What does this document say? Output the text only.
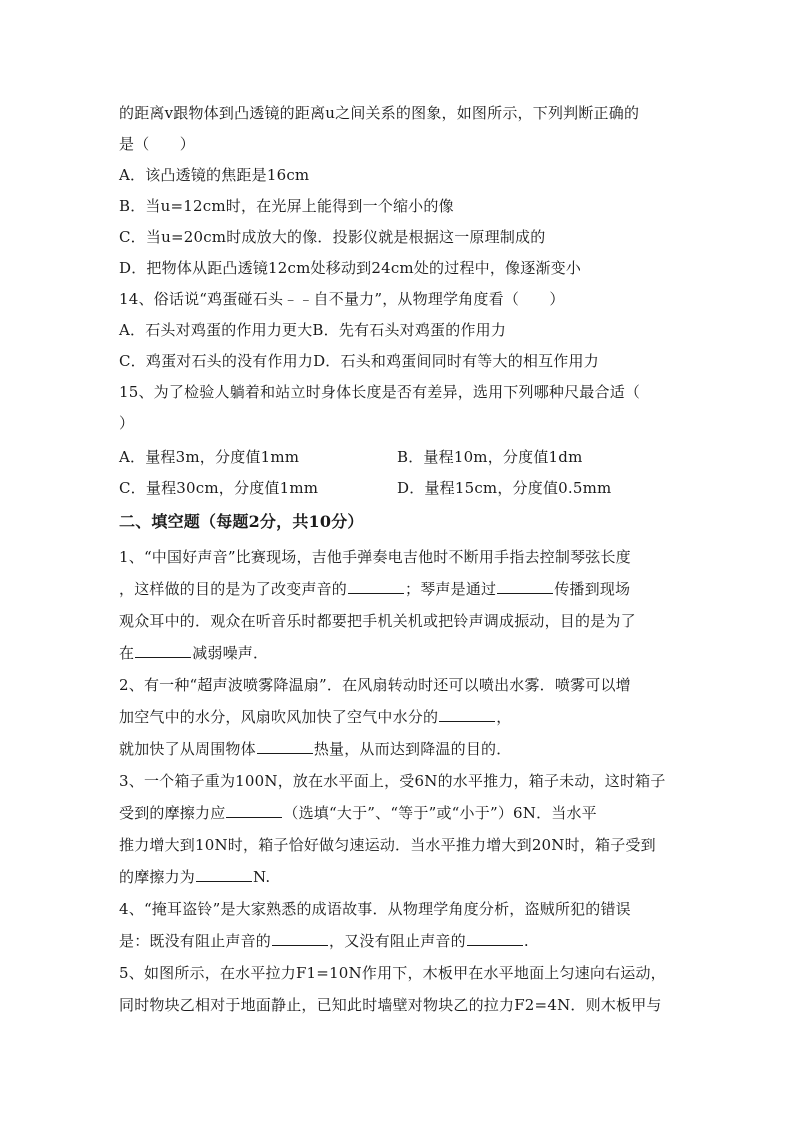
的距离v跟物体到凸透镜的距离u之间关系的图象，如图所示，下列判断正确的
是（　　）
A．该凸透镜的焦距是16cm
B．当u=12cm时，在光屏上能得到一个缩小的像
C．当u=20cm时成放大的像．投影仪就是根据这一原理制成的
D．把物体从距凸透镜12cm处移动到24cm处的过程中，像逐渐变小
14、俗话说“鸡蛋碰石头﹣﹣自不量力”，从物理学角度看（　　）
A．石头对鸡蛋的作用力更大B．先有石头对鸡蛋的作用力
C．鸡蛋对石头的没有作用力D．石头和鸡蛋间同时有等大的相互作用力
15、为了检验人躺着和站立时身体长度是否有差异，选用下列哪种尺最合适（
）
A．量程3m，分度值1mm	B．量程10m，分度值1dm
C．量程30cm，分度值1mm	D．量程15cm，分度值0.5mm
二、填空题（每题2分，共10分）
1、“中国好声音”比赛现场，吉他手弹奏电吉他时不断用手指去控制琴弦长度
，这样做的目的是为了改变声音的	；琴声是通过	传播到现场
观众耳中的．观众在听音乐时都要把手机关机或把铃声调成振动，目的是为了
在	减弱噪声．
2、有一种“超声波喷雾降温扇”．在风扇转动时还可以喷出水雾．喷雾可以增
加空气中的水分，风扇吹风加快了空气中水分的	，
就加快了从周围物体	热量，从而达到降温的目的．
3、一个箱子重为100N，放在水平面上，受6N的水平推力，箱子未动，这时箱子
受到的摩擦力应	（选填“大于”、“等于”或“小于”）6N．当水平
推力增大到10N时，箱子恰好做匀速运动．当水平推力增大到20N时，箱子受到
的摩擦力为	N.
4、“掩耳盗铃”是大家熟悉的成语故事．从物理学角度分析，盗贼所犯的错误
是：既没有阻止声音的	，又没有阻止声音的	.
5、如图所示，在水平拉力F1=10N作用下，木板甲在水平地面上匀速向右运动，
同时物块乙相对于地面静止，已知此时墙壁对物块乙的拉力F2=4N．则木板甲与
